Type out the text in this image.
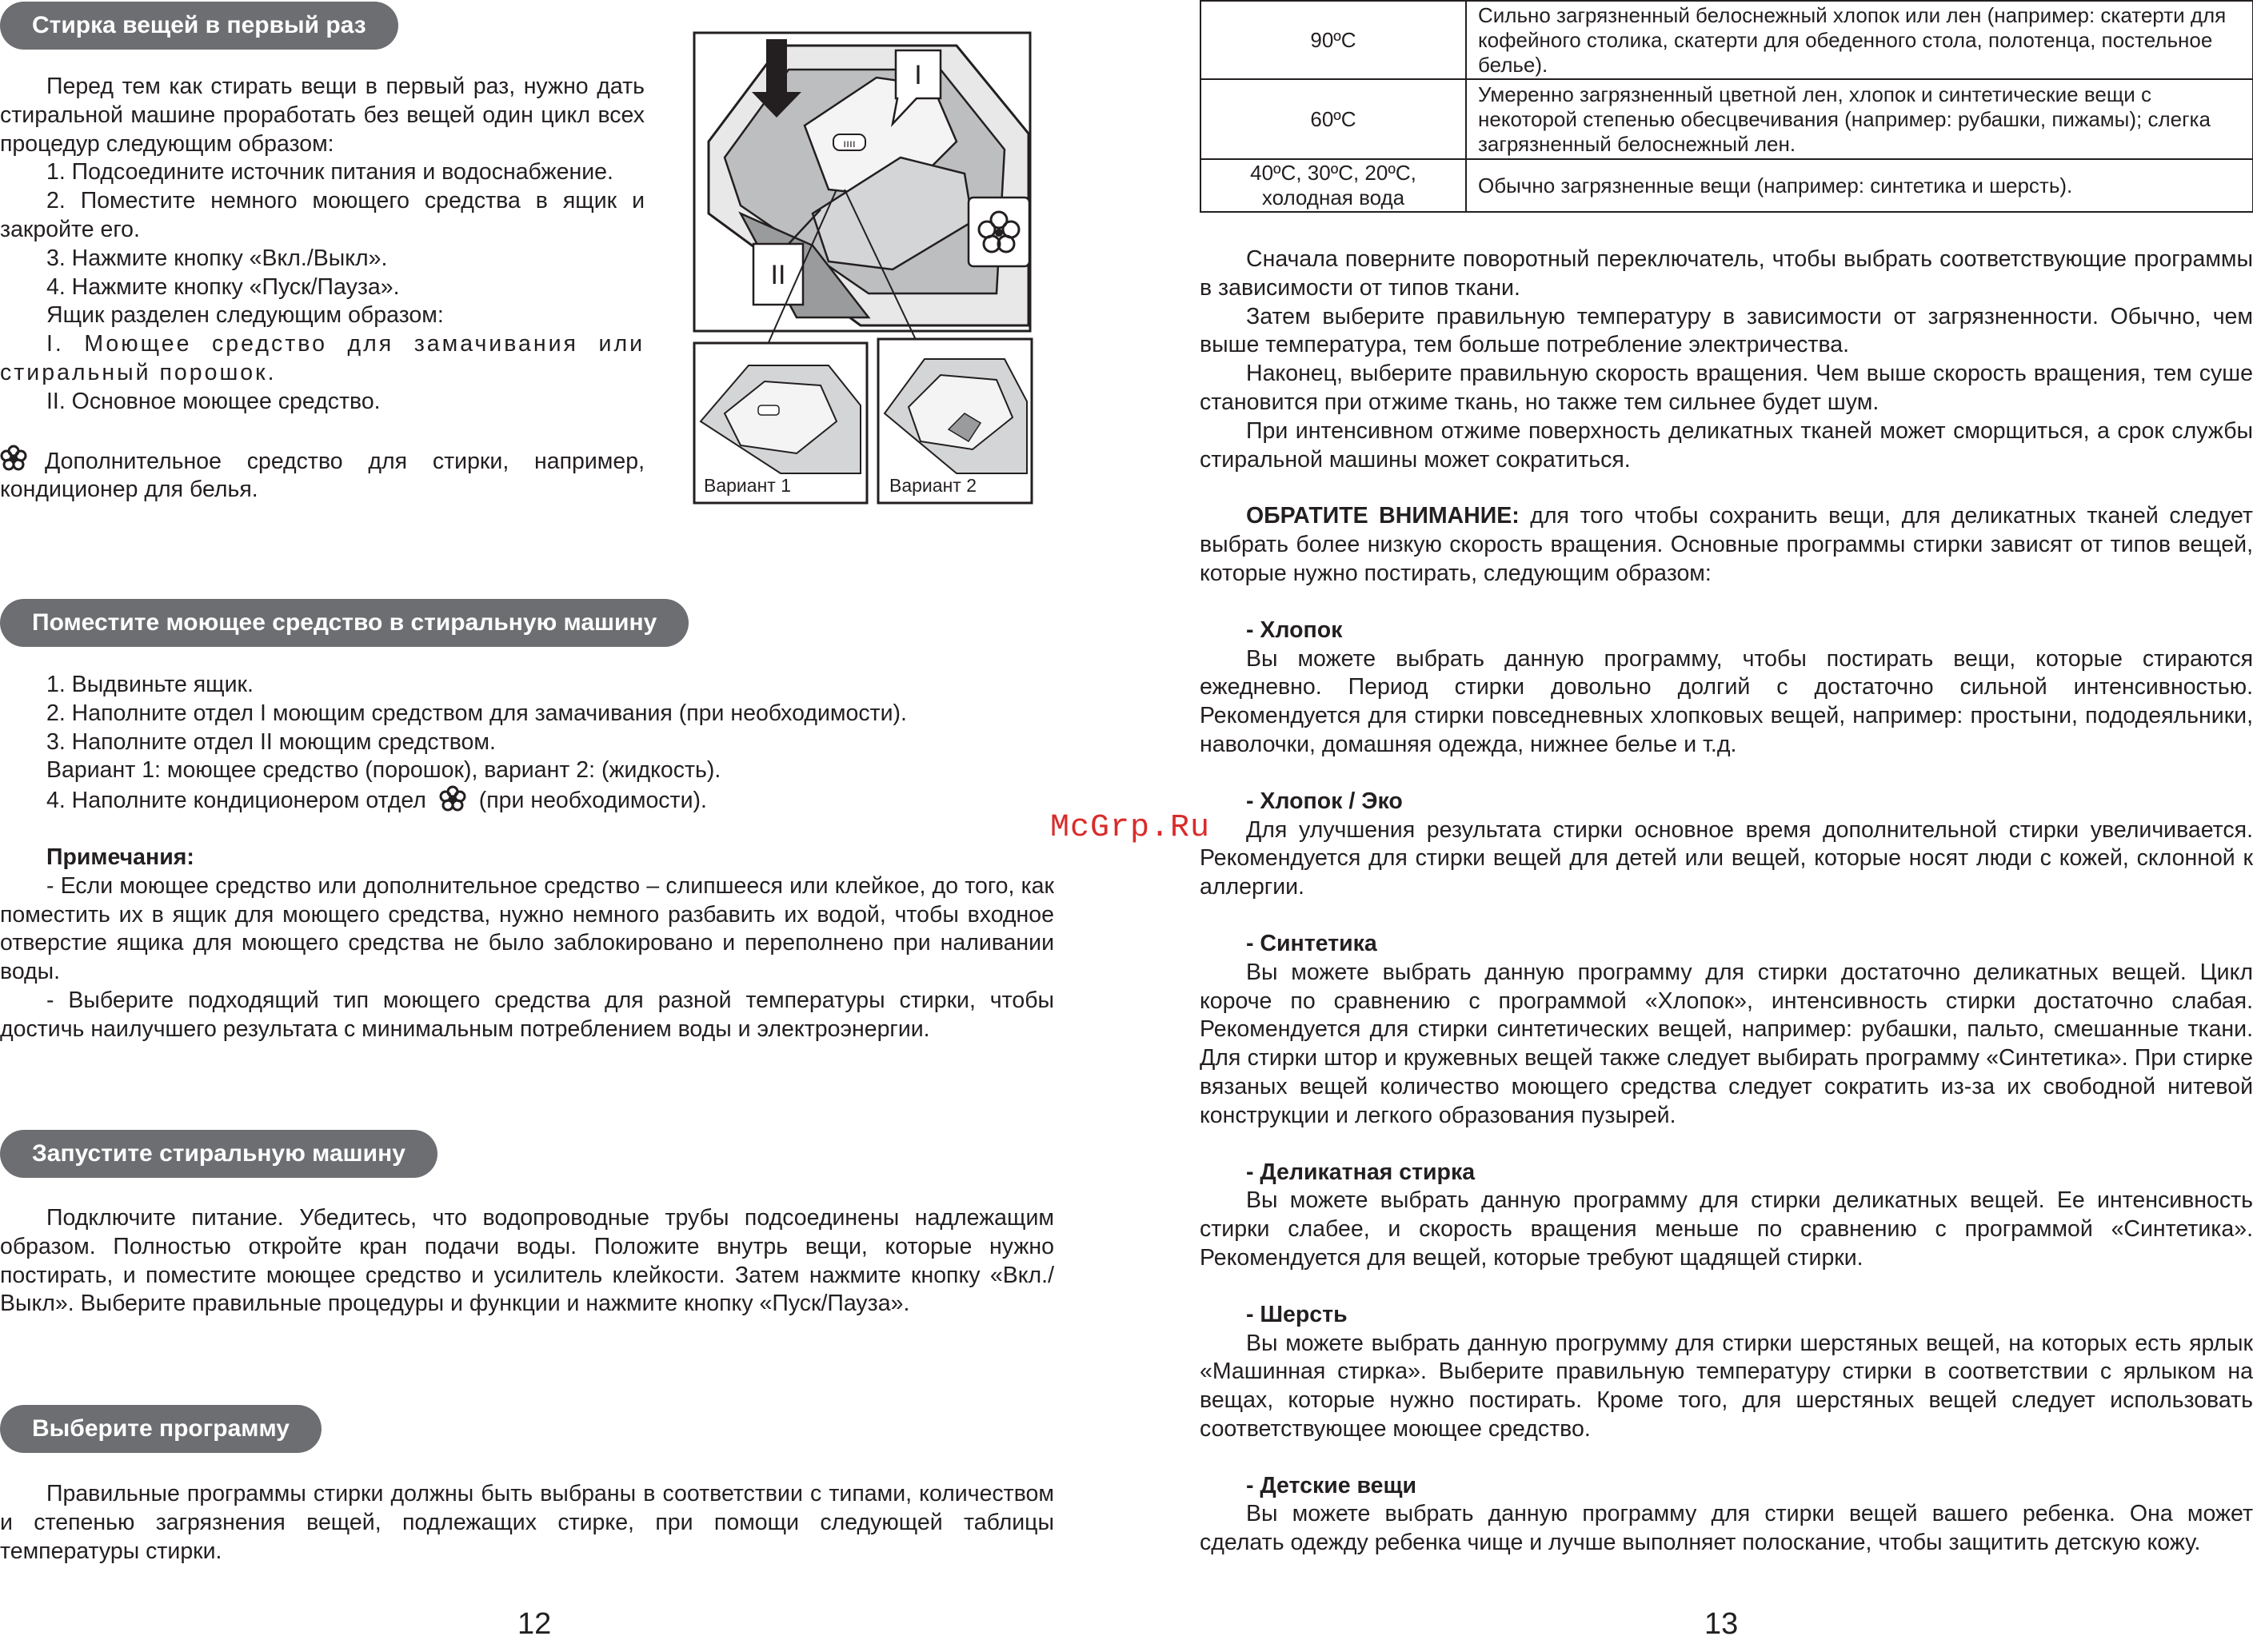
Стирка вещей в первый раз

Перед тем как стирать вещи в первый раз, нужно дать стиральной машине проработать без вещей один цикл всех процедур следующим образом:

1. Подсоедините источник питания и водоснабжение.

2. Поместите немного моющего средства в ящик и закройте его.

3. Нажмите кнопку «Вкл./Выкл».

4. Нажмите кнопку «Пуск/Пауза».

Ящик разделен следующим образом:

I. Моющее средство для замачивания или стиральный порошок.

II. Основное моющее средство.

Дополнительное средство для стирки, например, кондиционер для белья.

ıııı
I
II
Вариант 1	Вариант 2
Поместите моющее средство в стиральную машину

1. Выдвиньте ящик.

2. Наполните отдел I моющим средством для замачивания (при необходимости).

3. Наполните отдел II моющим средством.

Вариант 1: моющее средство (порошок), вариант 2: (жидкость).

4. Наполните кондиционером отдел (при необходимости).

Примечания:

- Если моющее средство или дополнительное средство – слипшееся или клейкое, до того, как поместить их в ящик для моющего средства, нужно немного разбавить их водой, чтобы входное отверстие ящика для моющего средства не было заблокировано и переполнено при наливании воды.

- Выберите подходящий тип моющего средства для разной температуры стирки, чтобы достичь наилучшего результата с минимальным потреблением воды и электроэнергии.

Запустите стиральную машину

Подключите питание. Убедитесь, что водопроводные трубы подсоединены надлежащим образом. Полностью откройте кран подачи воды. Положите внутрь вещи, которые нужно постирать, и поместите моющее средство и усилитель клейкости. Затем нажмите кнопку «Вкл./Выкл». Выберите правильные процедуры и функции и нажмите кнопку «Пуск/Пауза».

Выберите программу

Правильные программы стирки должны быть выбраны в соответствии с типами, количеством и степенью загрязнения вещей, подлежащих стирке, при помощи следующей таблицы температуры стирки.

12
90ºC	Сильно загрязненный белоснежный хлопок или лен (например: скатерти для кофейного столика, скатерти для обеденного стола, полотенца, постельное белье).
60ºC	Умеренно загрязненный цветной лен, хлопок и синтетические вещи с некоторой степенью обесцвечивания (например: рубашки, пижамы); слегка загрязненный белоснежный лен.
40ºC, 30ºC, 20ºC, холодная вода	Обычно загрязненные вещи (например: синтетика и шерсть).

Сначала поверните поворотный переключатель, чтобы выбрать соответствующие программы в зависимости от типов ткани.

Затем выберите правильную температуру в зависимости от загрязненности. Обычно, чем выше температура, тем больше потребление электричества.

Наконец, выберите правильную скорость вращения. Чем выше скорость вращения, тем суше становится при отжиме ткань, но также тем сильнее будет шум.

При интенсивном отжиме поверхность деликатных тканей может сморщиться, а срок службы стиральной машины может сократиться.

ОБРАТИТЕ ВНИМАНИЕ: для того чтобы сохранить вещи, для деликатных тканей следует выбрать более низкую скорость вращения. Основные программы стирки зависят от типов вещей, которые нужно постирать, следующим образом:

- Хлопок

Вы можете выбрать данную программу, чтобы постирать вещи, которые стираются ежедневно. Период стирки довольно долгий с достаточно сильной интенсивностью. Рекомендуется для стирки повседневных хлопковых вещей, например: простыни, пододеяльники, наволочки, домашняя одежда, нижнее белье и т.д.

- Хлопок / Эко

Для улучшения результата стирки основное время дополнительной стирки увеличивается. Рекомендуется для стирки вещей для детей или вещей, которые носят люди с кожей, склонной к аллергии.

- Синтетика

Вы можете выбрать данную программу для стирки достаточно деликатных вещей. Цикл короче по сравнению с программой «Хлопок», интенсивность стирки достаточно слабая. Рекомендуется для стирки синтетических вещей, например: рубашки, пальто, смешанные ткани. Для стирки штор и кружевных вещей также следует выбирать программу «Синтетика». При стирке вязаных вещей количество моющего средства следует сократить из-за их свободной нитевой конструкции и легкого образования пузырей.

- Деликатная стирка

Вы можете выбрать данную программу для стирки деликатных вещей. Ее интенсивность стирки слабее, и скорость вращения меньше по сравнению с программой «Синтетика». Рекомендуется для вещей, которые требуют щадящей стирки.

- Шерсть

Вы можете выбрать данную прогрумму для стирки шерстяных вещей, на которых есть ярлык «Машинная стирка». Выберите правильную температуру стирки в соответствии с ярлыком на вещах, которые нужно постирать. Кроме того, для шерстяных вещей следует использовать соответствующее моющее средство.

- Детские вещи

Вы можете выбрать данную программу для стирки вещей вашего ребенка. Она может сделать одежду ребенка чище и лучше выполняет полоскание, чтобы защитить детскую кожу.

13
McGrp.Ru
